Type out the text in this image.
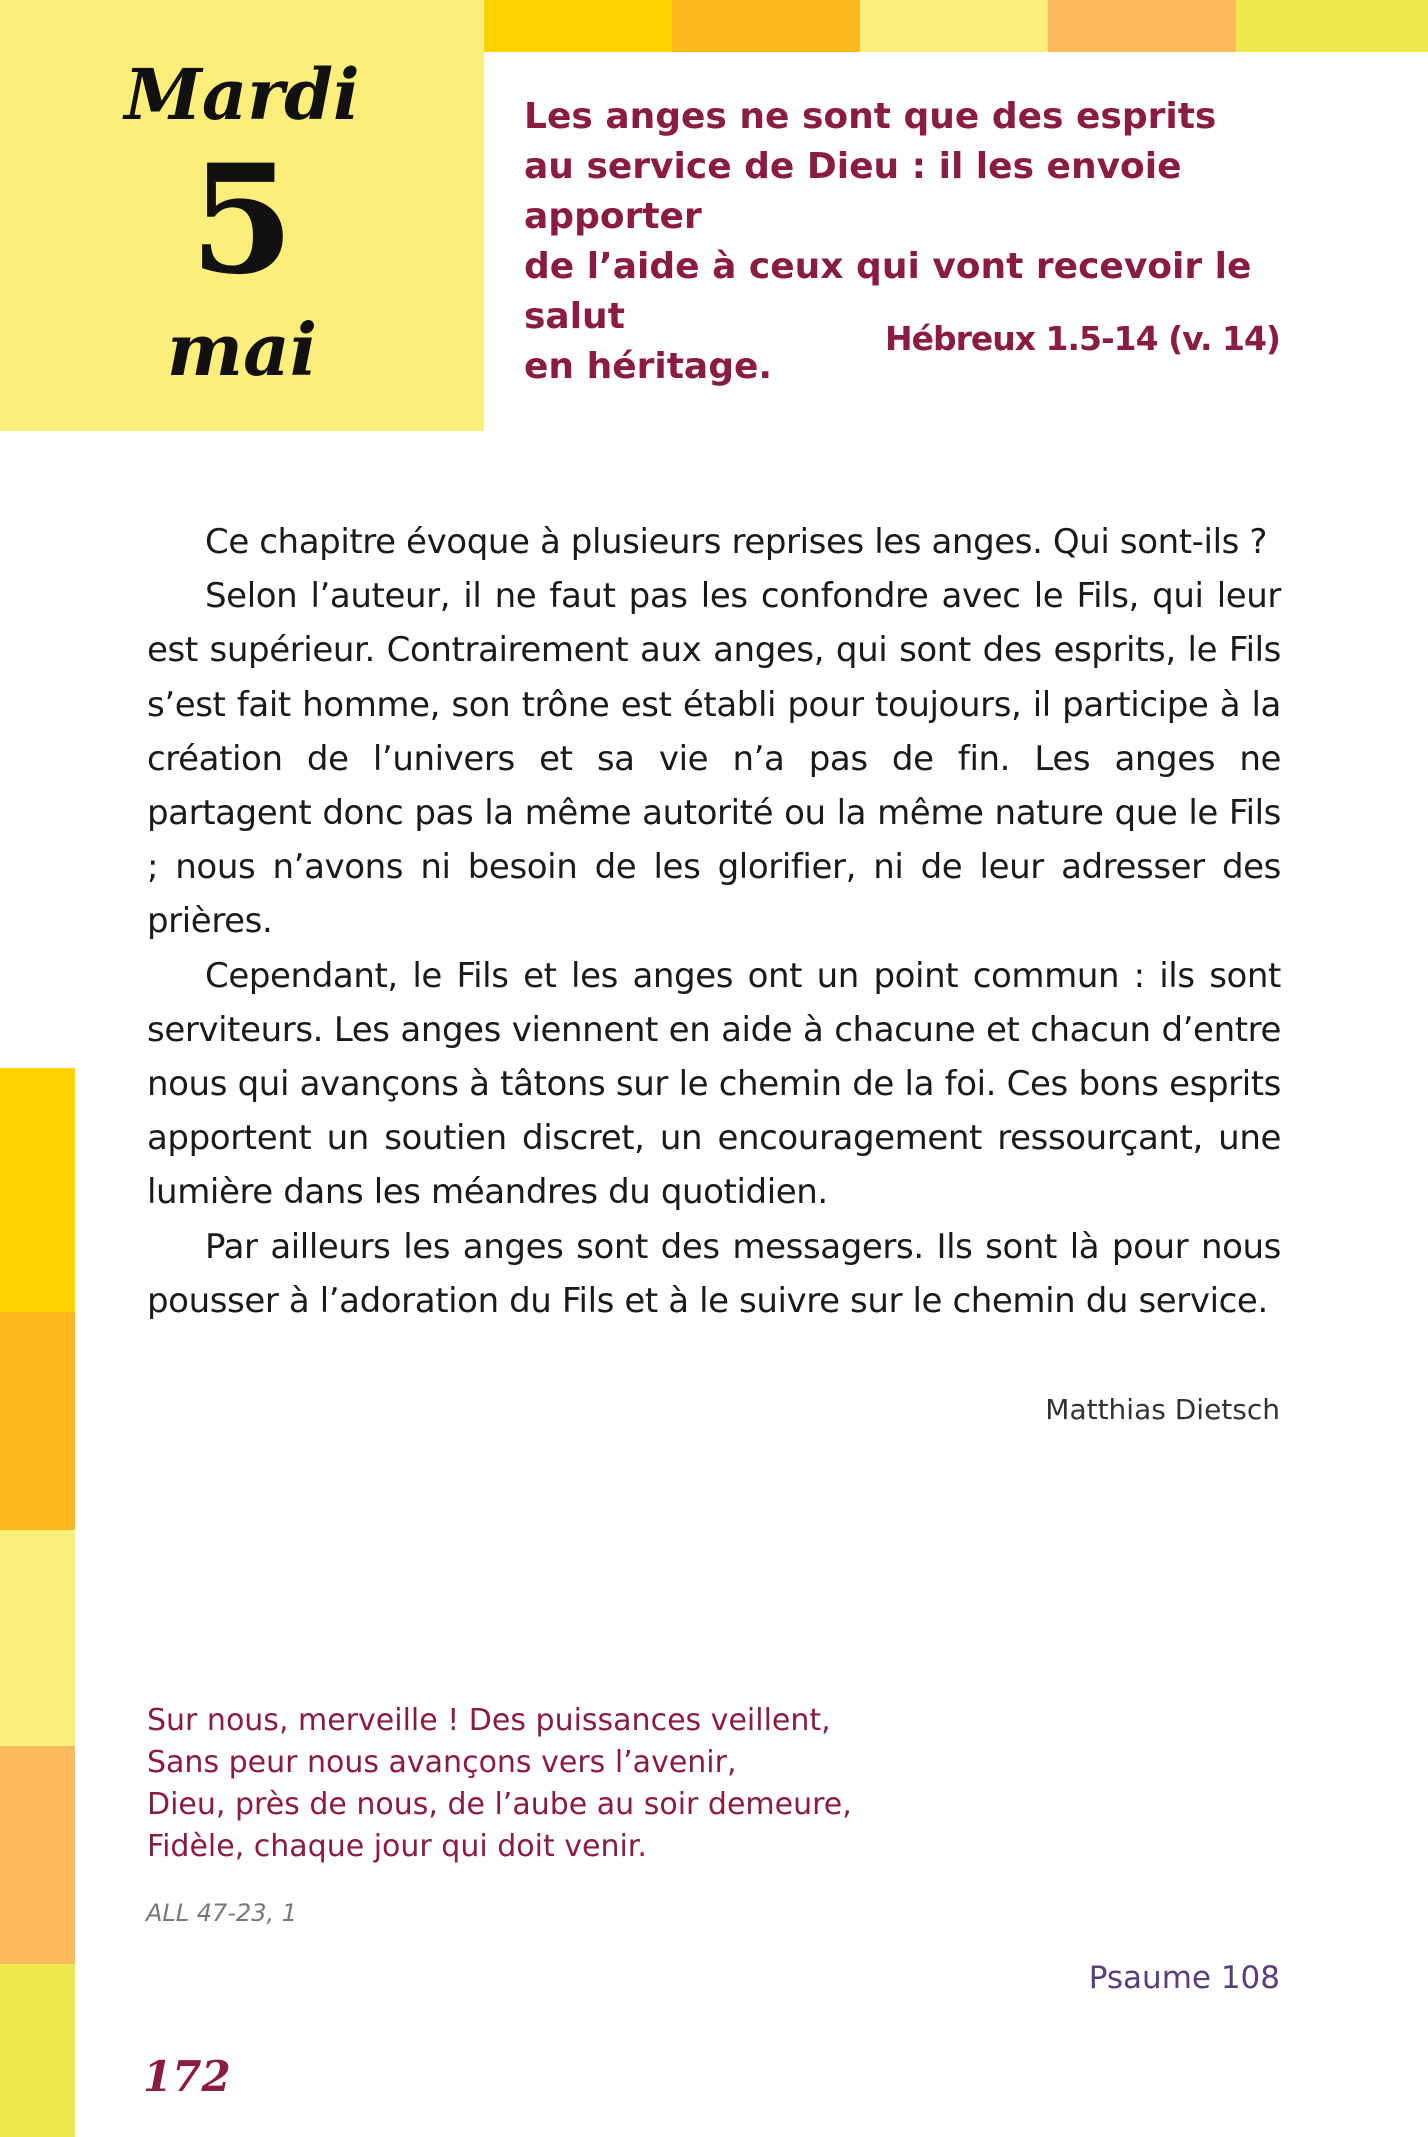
Mardi
5
mai
Les anges ne sont que des esprits
au service de Dieu : il les envoie apporter
de l’aide à ceux qui vont recevoir le salut
en héritage.
Hébreux 1.5-14 (v. 14)

Ce chapitre évoque à plusieurs reprises les anges. Qui sont-ils ?

Selon l’auteur, il ne faut pas les confondre avec le Fils, qui leur est supérieur. Contrairement aux anges, qui sont des esprits, le Fils s’est fait homme, son trône est établi pour toujours, il participe à la création de l’univers et sa vie n’a pas de fin. Les anges ne partagent donc pas la même autorité ou la même nature que le Fils ; nous n’avons ni besoin de les glorifier, ni de leur adresser des prières.

Cependant, le Fils et les anges ont un point commun : ils sont serviteurs. Les anges viennent en aide à chacune et chacun d’entre nous qui avançons à tâtons sur le chemin de la foi. Ces bons esprits apportent un soutien discret, un encouragement ressourçant, une lumière dans les méandres du quotidien.

Par ailleurs les anges sont des messagers. Ils sont là pour nous pousser à l’adoration du Fils et à le suivre sur le chemin du service.

Matthias Dietsch
Sur nous, merveille ! Des puissances veillent,
Sans peur nous avançons vers l’avenir,
Dieu, près de nous, de l’aube au soir demeure,
Fidèle, chaque jour qui doit venir.
ALL 47-23, 1
Psaume 108
172
